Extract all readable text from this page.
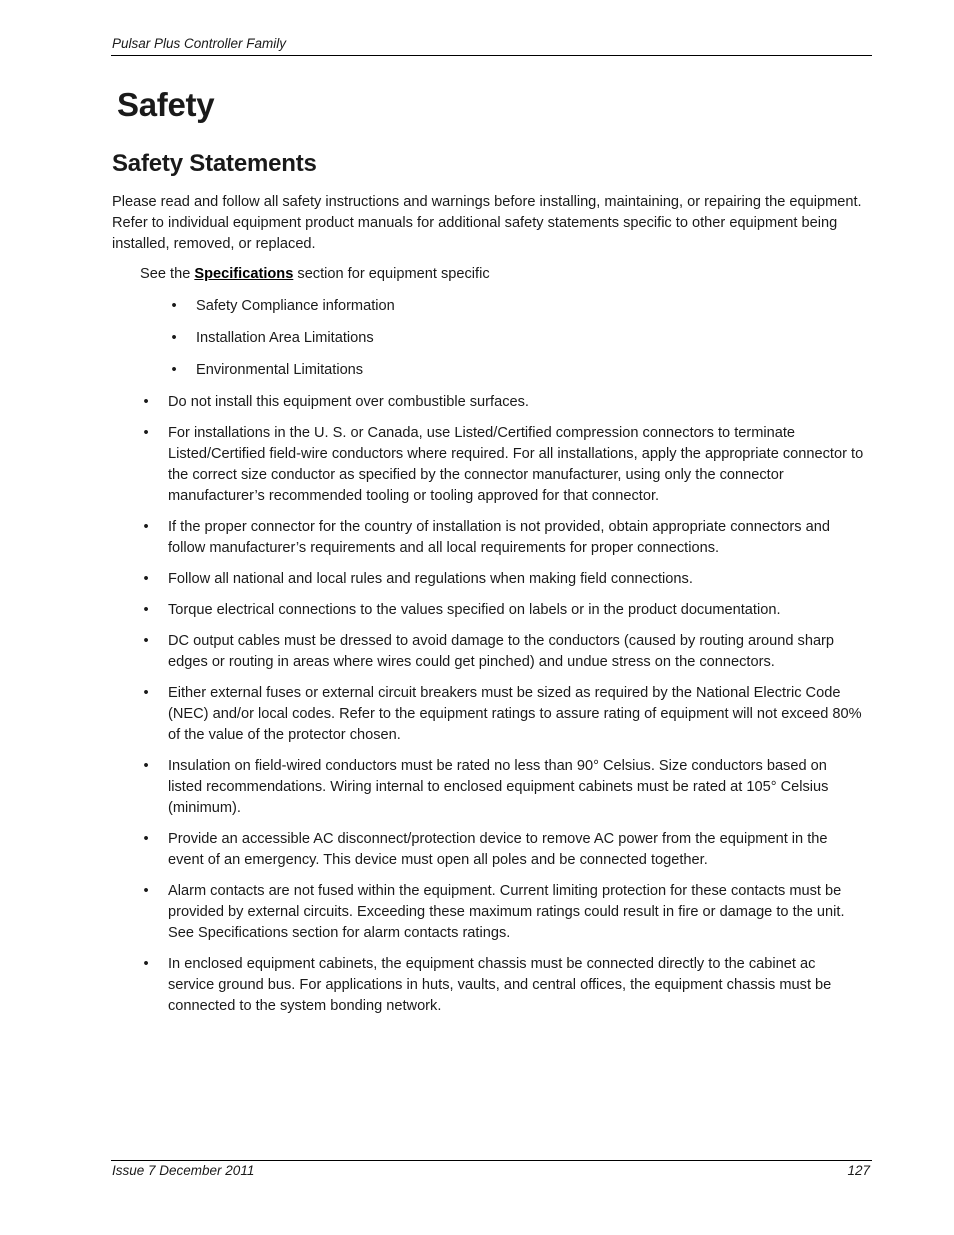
Pulsar Plus Controller Family
Safety
Safety Statements

Please read and follow all safety instructions and warnings before installing, maintaining, or repairing the equipment. Refer to individual equipment product manuals for additional safety statements specific to other equipment being installed, removed, or replaced.

See the Specifications section for equipment specific

•	Safety Compliance information
•	Installation Area Limitations
•	Environmental Limitations
•	Do not install this equipment over combustible surfaces.
•	For installations in the U. S. or Canada, use Listed/Certified compression connectors to terminate Listed/Certified field-wire conductors where required. For all installations, apply the appropriate connector to the correct size conductor as specified by the connector manufacturer, using only the connector manufacturer’s recommended tooling or tooling approved for that connector.
•	If the proper connector for the country of installation is not provided, obtain appropriate connectors and follow manufacturer’s requirements and all local requirements for proper connections.
•	Follow all national and local rules and regulations when making field connections.
•	Torque electrical connections to the values specified on labels or in the product documentation.
•	DC output cables must be dressed to avoid damage to the conductors (caused by routing around sharp edges or routing in areas where wires could get pinched) and undue stress on the connectors.
•	Either external fuses or external circuit breakers must be sized as required by the National Electric Code (NEC) and/or local codes. Refer to the equipment ratings to assure rating of equipment will not exceed 80% of the value of the protector chosen.
•	Insulation on field-wired conductors must be rated no less than 90° Celsius. Size conductors based on listed recommendations. Wiring internal to enclosed equipment cabinets must be rated at 105° Celsius (minimum).
•	Provide an accessible AC disconnect/protection device to remove AC power from the equipment in the event of an emergency. This device must open all poles and be connected together.
•	Alarm contacts are not fused within the equipment. Current limiting protection for these contacts must be provided by external circuits. Exceeding these maximum ratings could result in fire or damage to the unit. See Specifications section for alarm contacts ratings.
•	In enclosed equipment cabinets, the equipment chassis must be connected directly to the cabinet ac service ground bus. For applications in huts, vaults, and central offices, the equipment chassis must be connected to the system bonding network.
Issue 7 December 2011	127
